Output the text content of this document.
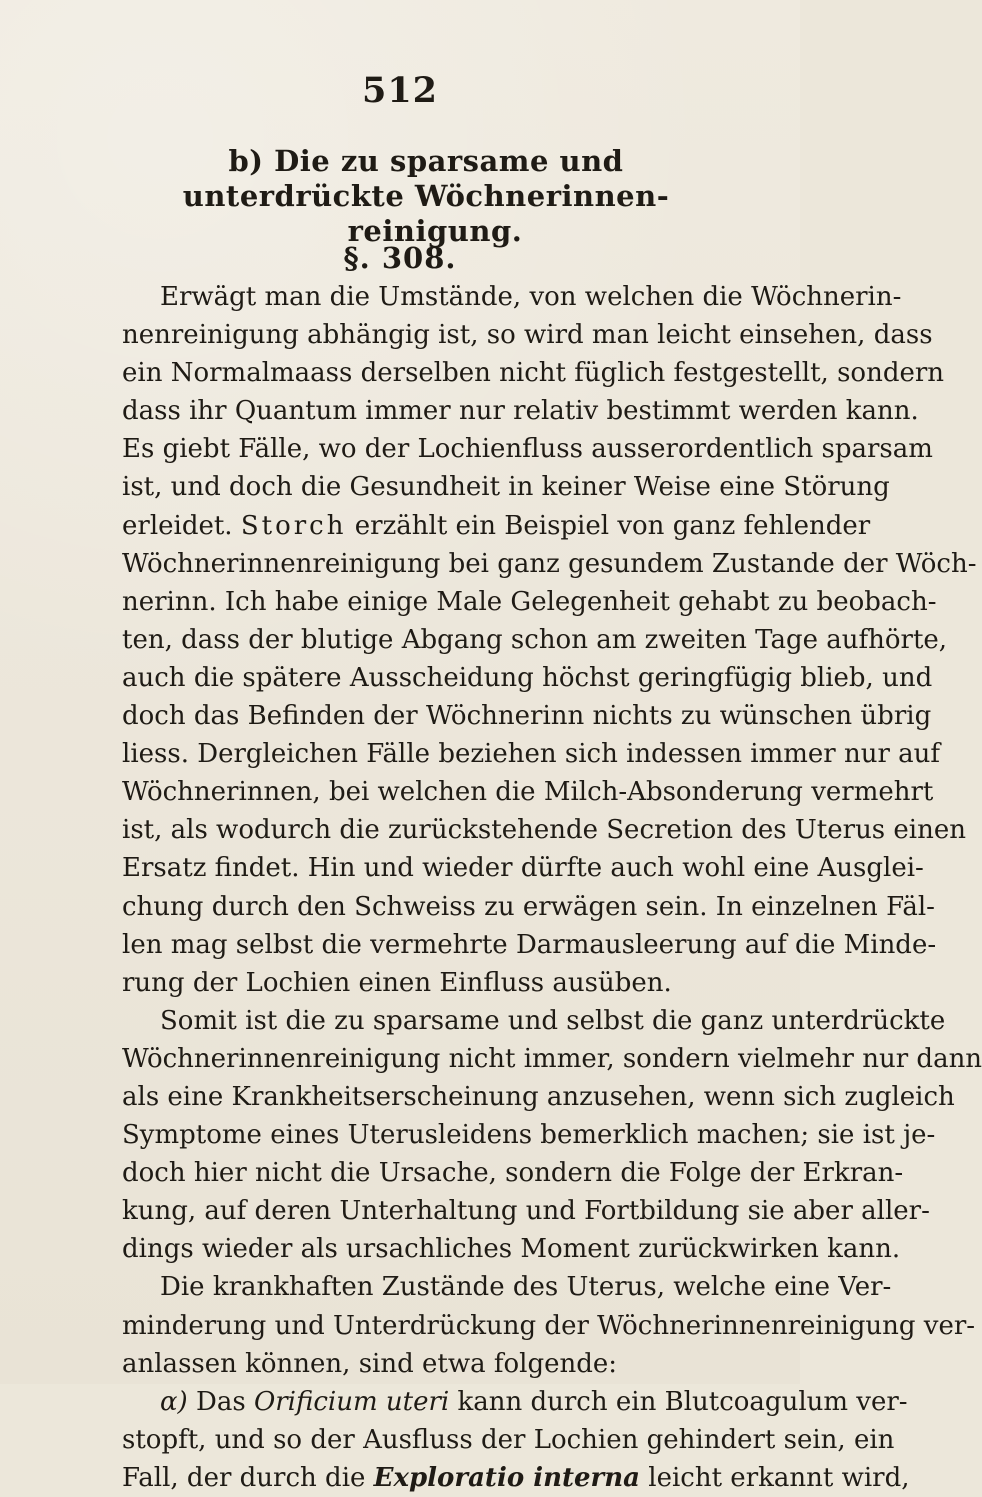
512
b) Die zu sparsame und unterdrückte Wöchnerinnen-
reinigung.
§. 308.
Erwägt man die Umstände, von welchen die Wöchnerin-
nenreinigung abhängig ist, so wird man leicht einsehen, dass
ein Normalmaass derselben nicht füglich festgestellt, sondern
dass ihr Quantum immer nur relativ bestimmt werden kann.
Es giebt Fälle, wo der Lochienfluss ausserordentlich sparsam
ist, und doch die Gesundheit in keiner Weise eine Störung
erleidet. Storch erzählt ein Beispiel von ganz fehlender
Wöchnerinnenreinigung bei ganz gesundem Zustande der Wöch-
nerinn. Ich habe einige Male Gelegenheit gehabt zu beobach-
ten, dass der blutige Abgang schon am zweiten Tage aufhörte,
auch die spätere Ausscheidung höchst geringfügig blieb, und
doch das Befinden der Wöchnerinn nichts zu wünschen übrig
liess. Dergleichen Fälle beziehen sich indessen immer nur auf
Wöchnerinnen, bei welchen die Milch-Absonderung vermehrt
ist, als wodurch die zurückstehende Secretion des Uterus einen
Ersatz findet. Hin und wieder dürfte auch wohl eine Ausglei-
chung durch den Schweiss zu erwägen sein. In einzelnen Fäl-
len mag selbst die vermehrte Darmausleerung auf die Minde-
rung der Lochien einen Einfluss ausüben.
Somit ist die zu sparsame und selbst die ganz unterdrückte
Wöchnerinnenreinigung nicht immer, sondern vielmehr nur dann
als eine Krankheitserscheinung anzusehen, wenn sich zugleich
Symptome eines Uterusleidens bemerklich machen; sie ist je-
doch hier nicht die Ursache, sondern die Folge der Erkran-
kung, auf deren Unterhaltung und Fortbildung sie aber aller-
dings wieder als ursachliches Moment zurückwirken kann.
Die krankhaften Zustände des Uterus, welche eine Ver-
minderung und Unterdrückung der Wöchnerinnenreinigung ver-
anlassen können, sind etwa folgende:
α) Das Orificium uteri kann durch ein Blutcoagulum ver-
stopft, und so der Ausfluss der Lochien gehindert sein, ein
Fall, der durch die Exploratio interna leicht erkannt wird,
